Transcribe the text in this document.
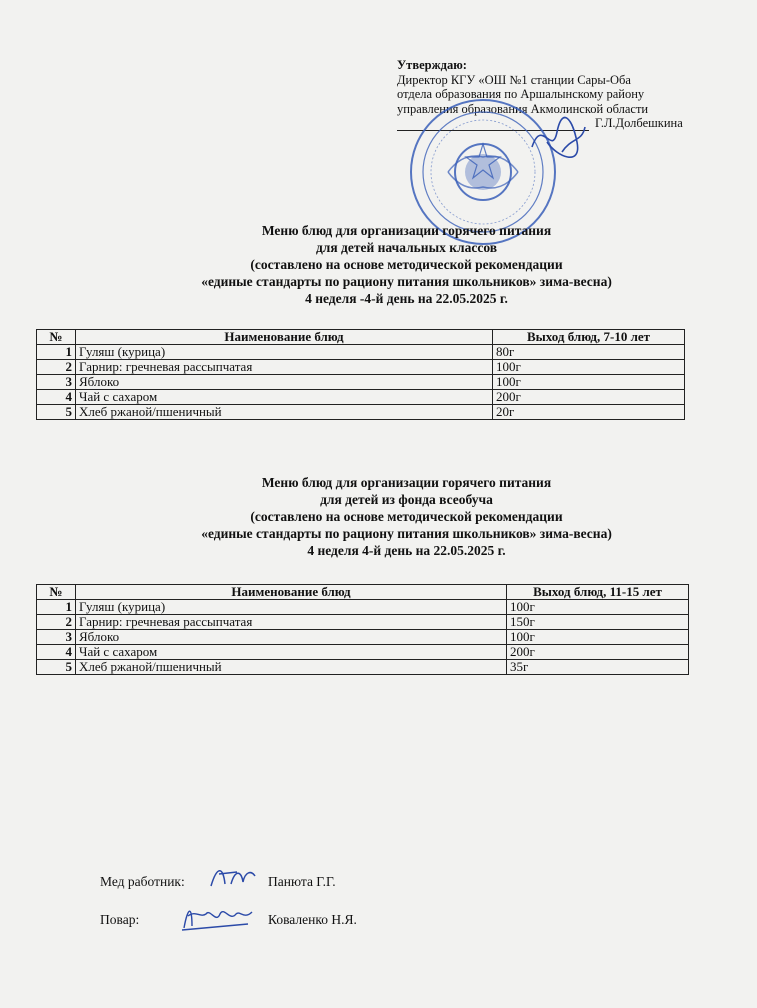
Утверждаю:
Директор КГУ «ОШ №1 станции Сары-Оба
отдела образования по Аршалынскому району
управления образования Акмолинской области
Г.Л.Долбешкина
Меню блюд для организации горячего питания
для детей начальных классов
(составлено на основе методической рекомендации
«единые стандарты по рациону питания школьников» зима-весна)
4 неделя -4-й день на 22.05.2025 г.
№	Наименование блюд	Выход блюд, 7-10 лет
1	Гуляш (курица)	80г
2	Гарнир: гречневая рассыпчатая	100г
3	Яблоко	100г
4	Чай с сахаром	200г
5	Хлеб ржаной/пшеничный	20г
Меню блюд для организации горячего питания
для детей из фонда всеобуча
(составлено на основе методической рекомендации
«единые стандарты по рациону питания школьников» зима-весна)
4 неделя 4-й день на 22.05.2025 г.
№	Наименование блюд	Выход блюд, 11-15 лет
1	Гуляш (курица)	100г
2	Гарнир: гречневая рассыпчатая	150г
3	Яблоко	100г
4	Чай с сахаром	200г
5	Хлеб ржаной/пшеничный	35г
Мед работник:	Панюта Г.Г.
Повар:	Коваленко Н.Я.
